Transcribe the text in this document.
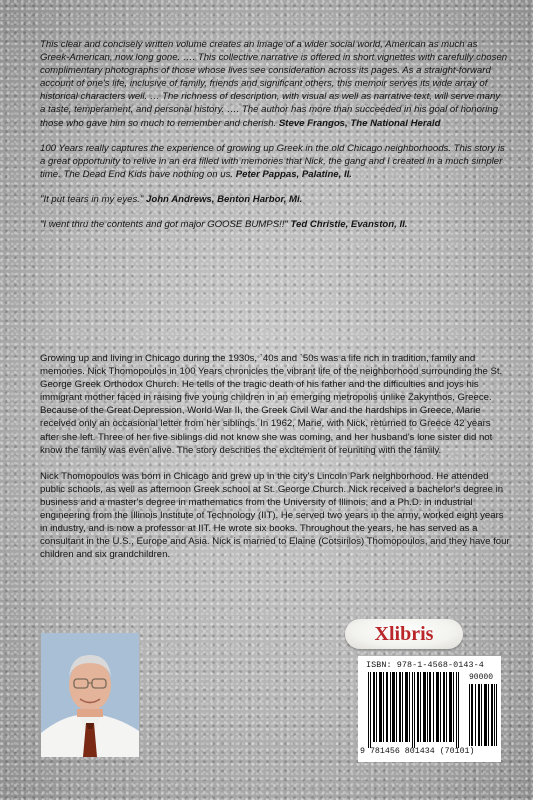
This clear and concisely written volume creates an image of a wider social world, American as much as Greek-American, now long gone. …. This collective narrative is offered in short vignettes with carefully chosen complimentary photographs of those whose lives see consideration across its pages. As a straight-forward account of one's life, inclusive of family, friends and significant others, this memoir serves its wide array of historical characters well. … The richness of description, with visual as well as narrative text, will serve many a taste, temperament, and personal history. …. The author has more than succeeded in his goal of honoring those who gave him so much to remember and cherish. Steve Frangos, The National Herald
100 Years really captures the experience of growing up Greek in the old Chicago neighborhoods. This story is a great opportunity to relive in an era filled with memories that Nick, the gang and I created in a much simpler time. The Dead End Kids have nothing on us. Peter Pappas, Palatine, Il.
"It put tears in my eyes." John Andrews, Benton Harbor, Mi.
"I went thru the contents and got major GOOSE BUMPS!!" Ted Christie, Evanston, Il.

Growing up and living in Chicago during the 1930s, `40s and `50s was a life rich in tradition, family and memories. Nick Thomopoulos in 100 Years chronicles the vibrant life of the neighborhood surrounding the St. George Greek Orthodox Church. He tells of the tragic death of his father and the difficulties and joys his immigrant mother faced in raising five young children in an emerging metropolis unlike Zakynthos, Greece. Because of the Great Depression, World War II, the Greek Civil War and the hardships in Greece, Marie received only an occasional letter from her siblings. In 1962, Marie, with Nick, returned to Greece 42 years after she left. Three of her five siblings did not know she was coming, and her husband's lone sister did not know the family was even alive. The story describes the excitement of reuniting with the family.

Nick Thomopoulos was born in Chicago and grew up in the city's Lincoln Park neighborhood. He attended public schools, as well as afternoon Greek school at St. George Church. Nick received a bachelor's degree in business and a master's degree in mathematics from the University of Illinois, and a Ph.D. in industrial engineering from the Illinois Institute of Technology (IIT). He served two years in the army, worked eight years in industry, and is now a professor at IIT. He wrote six books. Throughout the years, he has served as a consultant in the U.S., Europe and Asia. Nick is married to Elaine (Cotsirilos) Thomopoulos, and they have four children and six grandchildren.

Xlibris
ISBN: 978-1-4568-0143-4
90000
9 781456 801434 (70101)
